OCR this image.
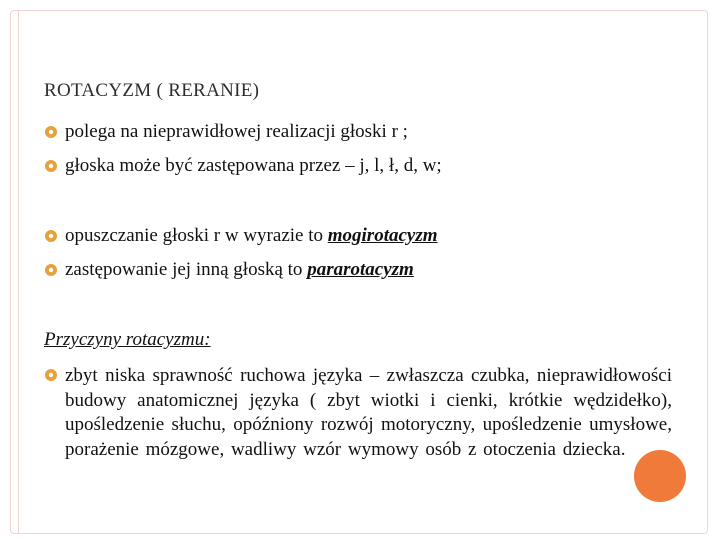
ROTACYZM ( RERANIE)
polega na nieprawidłowej realizacji głoski r ;
głoska może być zastępowana przez – j, l, ł, d, w;
opuszczanie głoski r w wyrazie to mogirotacyzm
zastępowanie jej inną głoską to pararotacyzm
Przyczyny rotacyzmu:
zbyt niska sprawność ruchowa języka – zwłaszcza czubka, nieprawidłowości budowy anatomicznej języka ( zbyt wiotki i cienki, krótkie wędzidełko), upośledzenie słuchu, opóźniony rozwój motoryczny, upośledzenie umysłowe, porażenie mózgowe, wadliwy wzór wymowy osób z otoczenia dziecka.
